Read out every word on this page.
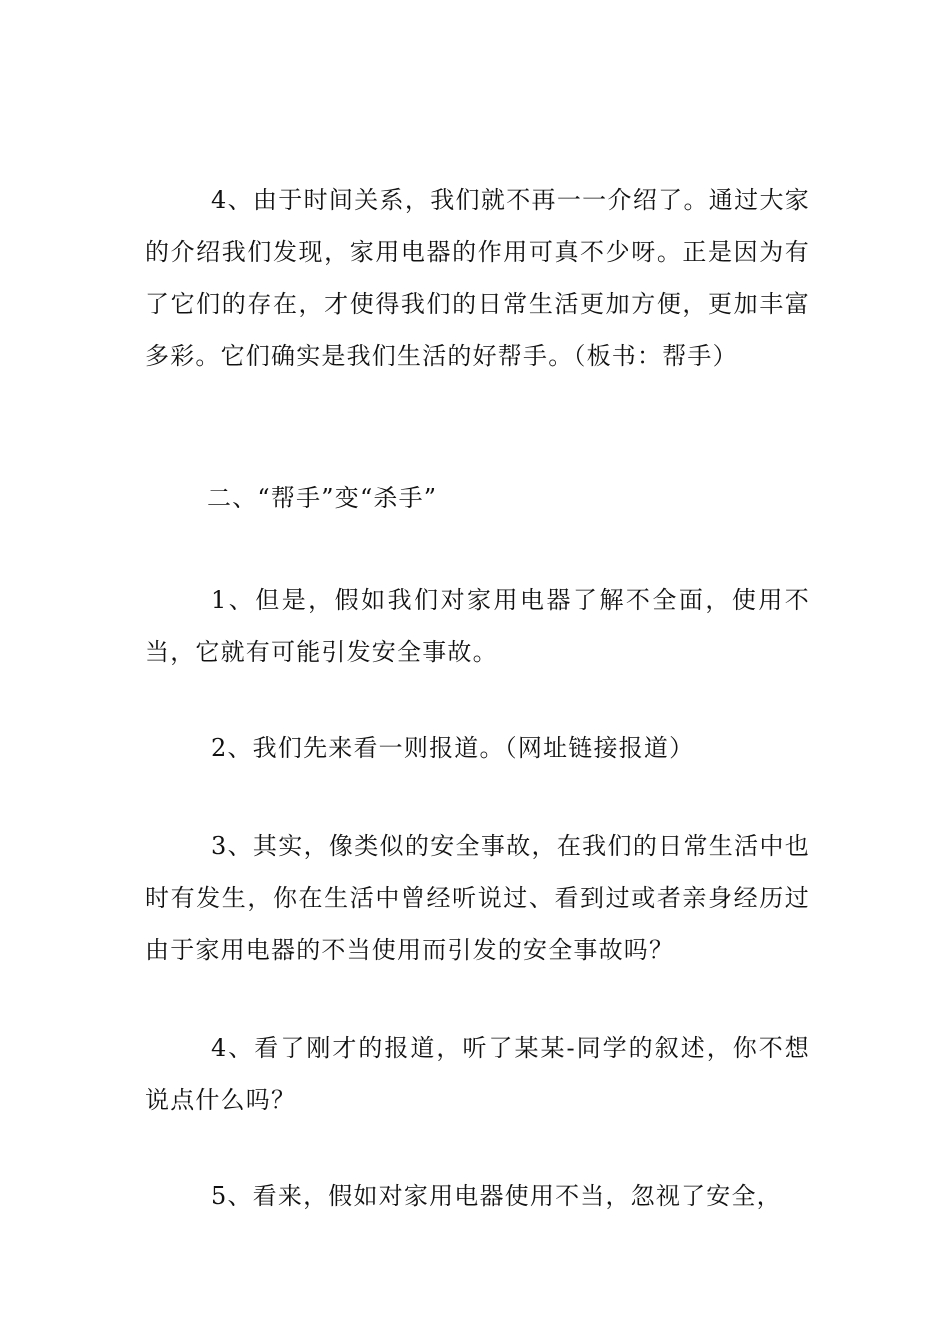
4、由于时间关系，我们就不再一一介绍了。通过大家的介绍我们发现，家用电器的作用可真不少呀。正是因为有了它们的存在，才使得我们的日常生活更加方便，更加丰富多彩。它们确实是我们生活的好帮手。（板书：帮手）

二、“帮手”变“杀手”

1、但是，假如我们对家用电器了解不全面，使用不当，它就有可能引发安全事故。

2、我们先来看一则报道。（网址链接报道）

3、其实，像类似的安全事故，在我们的日常生活中也时有发生，你在生活中曾经听说过、看到过或者亲身经历过由于家用电器的不当使用而引发的安全事故吗？

4、看了刚才的报道，听了某某-同学的叙述，你不想说点什么吗？

5、看来，假如对家用电器使用不当，忽视了安全，
